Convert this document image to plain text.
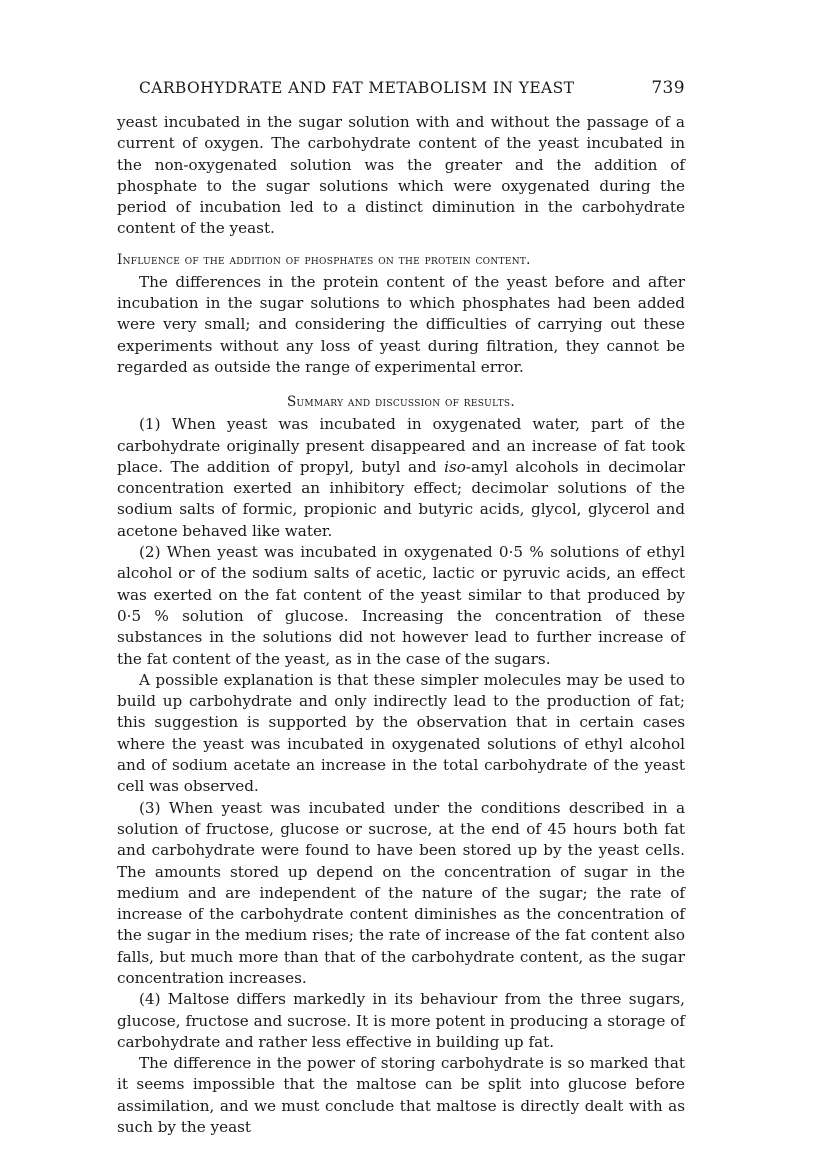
CARBOHYDRATE AND FAT METABOLISM IN YEAST	739

yeast incubated in the sugar solution with and without the passage of a current of oxygen. The carbohydrate content of the yeast incubated in the non-oxygenated solution was the greater and the addition of phosphate to the sugar solutions which were oxygenated during the period of incubation led to a distinct diminution in the carbohydrate content of the yeast.

Influence of the addition of phosphates on the protein content.

The differences in the protein content of the yeast before and after incubation in the sugar solutions to which phosphates had been added were very small; and considering the difficulties of carrying out these experiments without any loss of yeast during filtration, they cannot be regarded as outside the range of experimental error.

Summary and discussion of results.

(1) When yeast was incubated in oxygenated water, part of the carbohydrate originally present disappeared and an increase of fat took place. The addition of propyl, butyl and iso-amyl alcohols in decimolar concentration exerted an inhibitory effect; decimolar solutions of the sodium salts of formic, propionic and butyric acids, glycol, glycerol and acetone behaved like water.

(2) When yeast was incubated in oxygenated 0·5 % solutions of ethyl alcohol or of the sodium salts of acetic, lactic or pyruvic acids, an effect was exerted on the fat content of the yeast similar to that produced by 0·5 % solution of glucose. Increasing the concentration of these substances in the solutions did not however lead to further increase of the fat content of the yeast, as in the case of the sugars.

A possible explanation is that these simpler molecules may be used to build up carbohydrate and only indirectly lead to the production of fat; this suggestion is supported by the observation that in certain cases where the yeast was incubated in oxygenated solutions of ethyl alcohol and of sodium acetate an increase in the total carbohydrate of the yeast cell was observed.

(3) When yeast was incubated under the conditions described in a solution of fructose, glucose or sucrose, at the end of 45 hours both fat and carbohydrate were found to have been stored up by the yeast cells. The amounts stored up depend on the concentration of sugar in the medium and are independent of the nature of the sugar; the rate of increase of the carbohydrate content diminishes as the concentration of the sugar in the medium rises; the rate of increase of the fat content also falls, but much more than that of the carbohydrate content, as the sugar concentration increases.

(4) Maltose differs markedly in its behaviour from the three sugars, glucose, fructose and sucrose. It is more potent in producing a storage of carbohydrate and rather less effective in building up fat.

The difference in the power of storing carbohydrate is so marked that it seems impossible that the maltose can be split into glucose before assimilation, and we must conclude that maltose is directly dealt with as such by the yeast
